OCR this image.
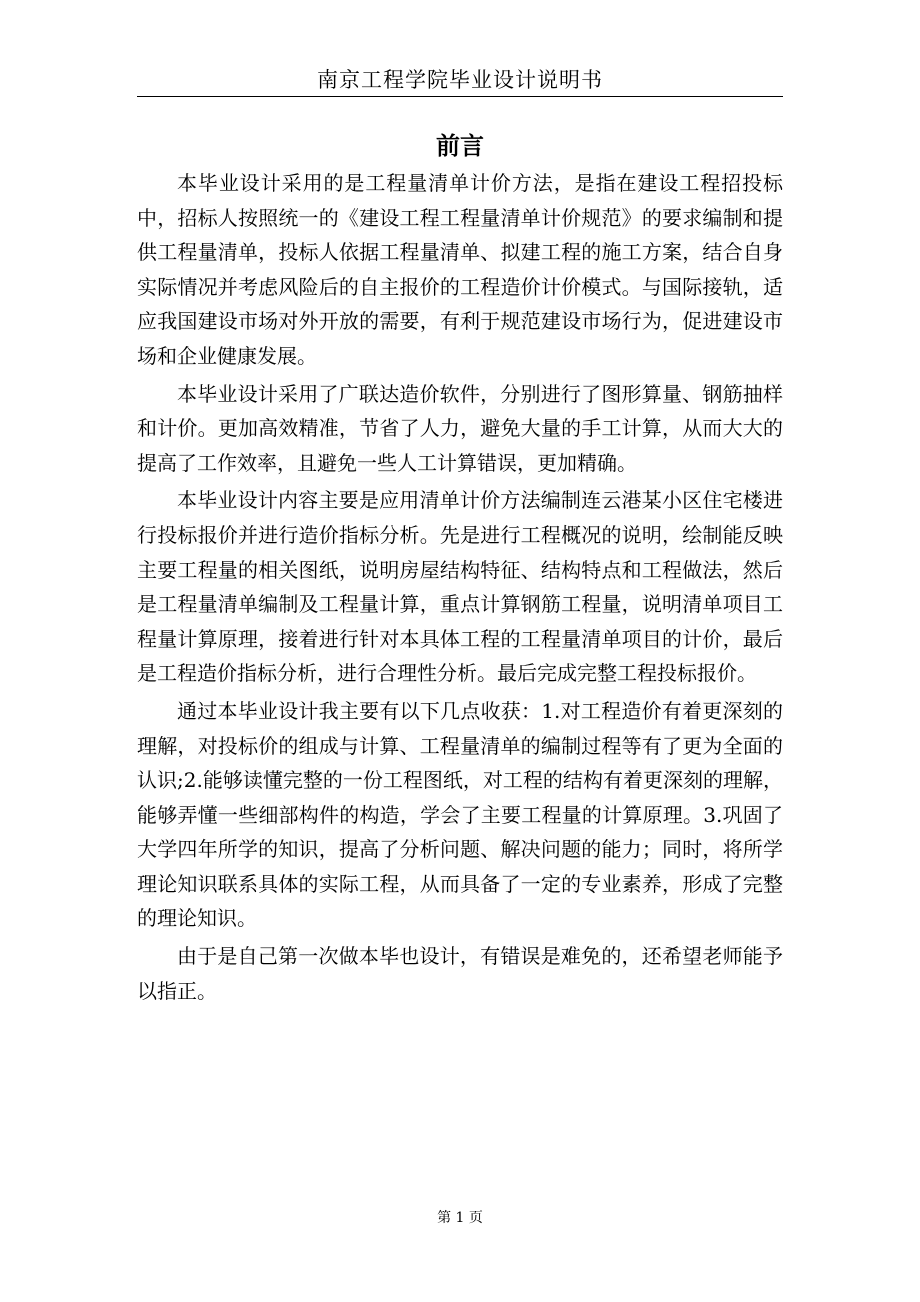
南京工程学院毕业设计说明书
前言

本毕业设计采用的是工程量清单计价方法，是指在建设工程招投标中，招标人按照统一的《建设工程工程量清单计价规范》的要求编制和提供工程量清单，投标人依据工程量清单、拟建工程的施工方案，结合自身实际情况并考虑风险后的自主报价的工程造价计价模式。与国际接轨，适应我国建设市场对外开放的需要，有利于规范建设市场行为，促进建设市场和企业健康发展。

本毕业设计采用了广联达造价软件，分别进行了图形算量、钢筋抽样和计价。更加高效精准，节省了人力，避免大量的手工计算，从而大大的提高了工作效率，且避免一些人工计算错误，更加精确。

本毕业设计内容主要是应用清单计价方法编制连云港某小区住宅楼进行投标报价并进行造价指标分析。先是进行工程概况的说明，绘制能反映主要工程量的相关图纸，说明房屋结构特征、结构特点和工程做法，然后是工程量清单编制及工程量计算，重点计算钢筋工程量，说明清单项目工程量计算原理，接着进行针对本具体工程的工程量清单项目的计价，最后是工程造价指标分析，进行合理性分析。最后完成完整工程投标报价。

通过本毕业设计我主要有以下几点收获：1.对工程造价有着更深刻的理解，对投标价的组成与计算、工程量清单的编制过程等有了更为全面的认识;2.能够读懂完整的一份工程图纸，对工程的结构有着更深刻的理解，能够弄懂一些细部构件的构造，学会了主要工程量的计算原理。3.巩固了大学四年所学的知识，提高了分析问题、解决问题的能力；同时，将所学理论知识联系具体的实际工程，从而具备了一定的专业素养，形成了完整的理论知识。

由于是自己第一次做本毕也设计，有错误是难免的，还希望老师能予以指正。

第 1 页
